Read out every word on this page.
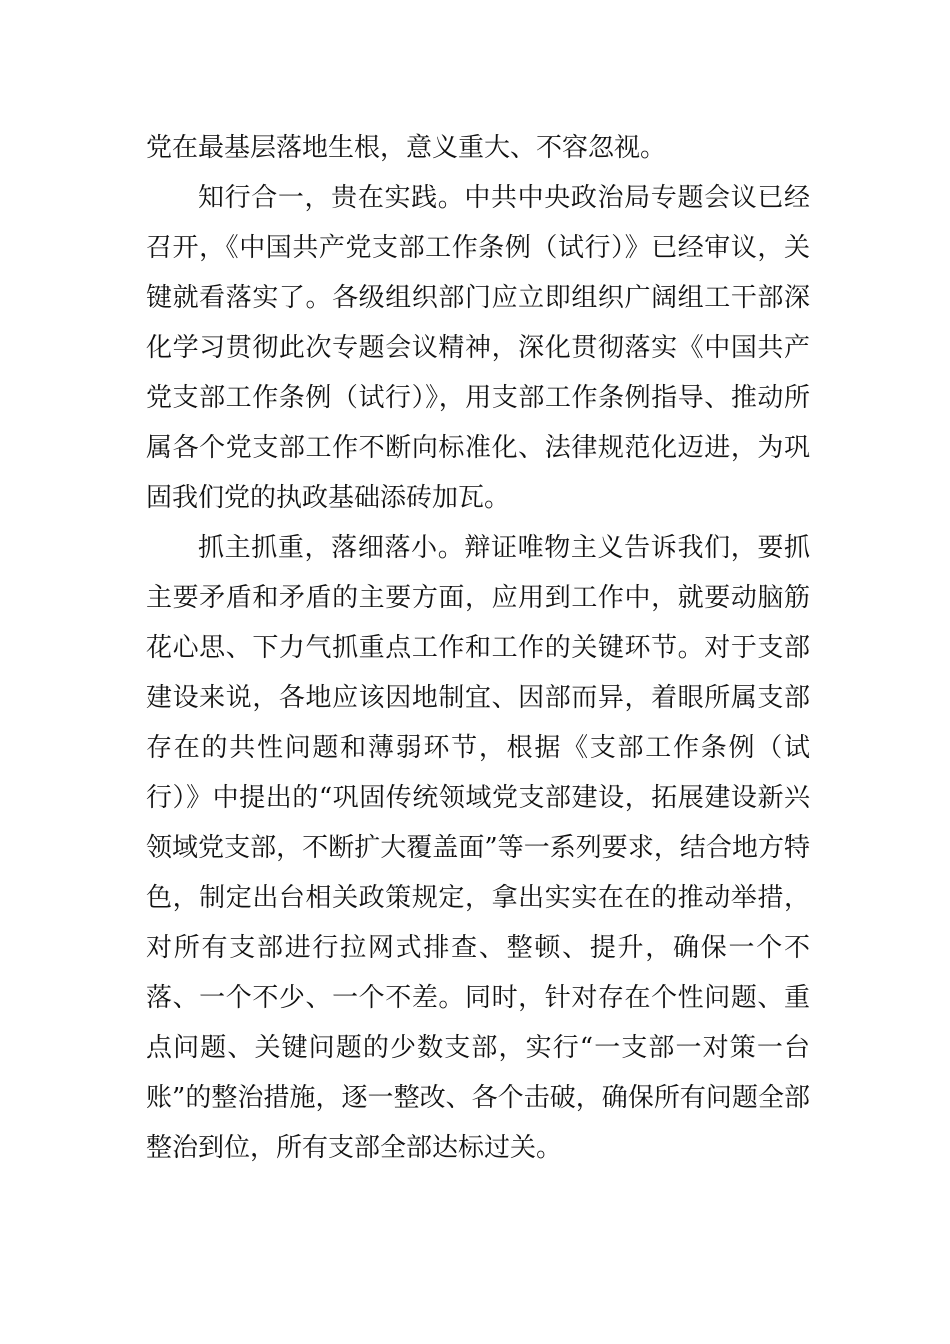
党在最基层落地生根，意义重大、不容忽视。

知行合一，贵在实践。中共中央政治局专题会议已经召开，《中国共产党支部工作条例（试行）》已经审议，关键就看落实了。各级组织部门应立即组织广阔组工干部深化学习贯彻此次专题会议精神，深化贯彻落实《中国共产党支部工作条例（试行）》，用支部工作条例指导、推动所属各个党支部工作不断向标准化、法律规范化迈进，为巩固我们党的执政基础添砖加瓦。

抓主抓重，落细落小。辩证唯物主义告诉我们，要抓主要矛盾和矛盾的主要方面，应用到工作中，就要动脑筋花心思、下力气抓重点工作和工作的关键环节。对于支部建设来说，各地应该因地制宜、因部而异，着眼所属支部存在的共性问题和薄弱环节，根据《支部工作条例（试行）》中提出的“巩固传统领域党支部建设，拓展建设新兴领域党支部，不断扩大覆盖面”等一系列要求，结合地方特色，制定出台相关政策规定，拿出实实在在的推动举措，对所有支部进行拉网式排查、整顿、提升，确保一个不落、一个不少、一个不差。同时，针对存在个性问题、重点问题、关键问题的少数支部，实行“一支部一对策一台账”的整治措施，逐一整改、各个击破，确保所有问题全部整治到位，所有支部全部达标过关。
